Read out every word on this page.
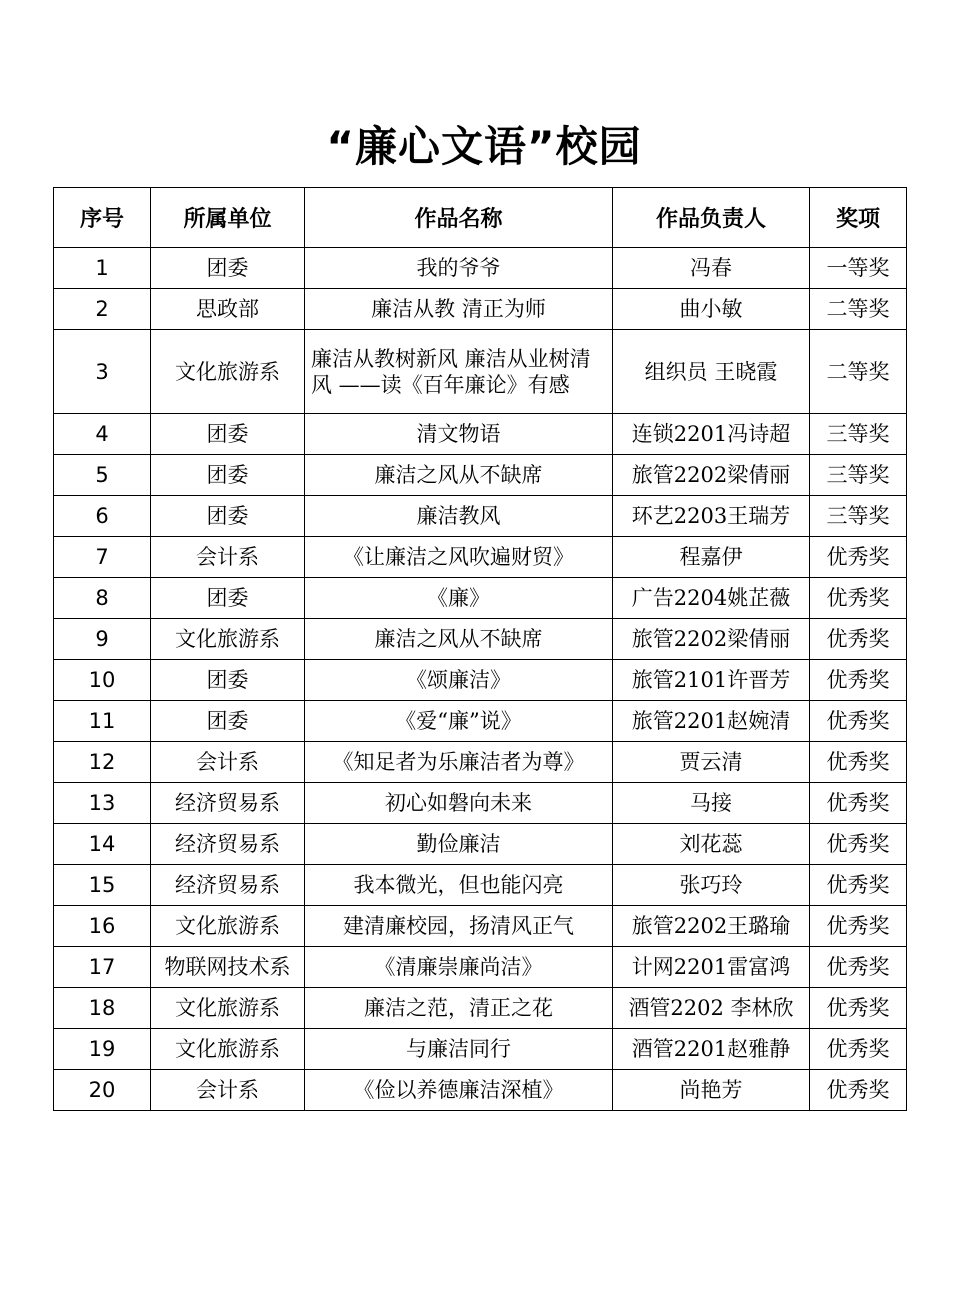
“廉心文语”校园
序号	所属单位	作品名称	作品负责人	奖项
1	团委	我的爷爷	冯春	一等奖
2	思政部	廉洁从教 清正为师	曲小敏	二等奖
3	文化旅游系	廉洁从教树新风 廉洁从业树清风 ——读《百年廉论》有感	组织员 王晓霞	二等奖
4	团委	清文物语	连锁2201冯诗超	三等奖
5	团委	廉洁之风从不缺席	旅管2202梁倩丽	三等奖
6	团委	廉洁教风	环艺2203王瑞芳	三等奖
7	会计系	《让廉洁之风吹遍财贸》	程嘉伊	优秀奖
8	团委	《廉》	广告2204姚芷薇	优秀奖
9	文化旅游系	廉洁之风从不缺席	旅管2202梁倩丽	优秀奖
10	团委	《颂廉洁》	旅管2101许晋芳	优秀奖
11	团委	《爱“廉”说》	旅管2201赵婉清	优秀奖
12	会计系	《知足者为乐廉洁者为尊》	贾云清	优秀奖
13	经济贸易系	初心如磐向未来	马接	优秀奖
14	经济贸易系	勤俭廉洁	刘花蕊	优秀奖
15	经济贸易系	我本微光，但也能闪亮	张巧玲	优秀奖
16	文化旅游系	建清廉校园，扬清风正气	旅管2202王璐瑜	优秀奖
17	物联网技术系	《清廉崇廉尚洁》	计网2201雷富鸿	优秀奖
18	文化旅游系	廉洁之范，清正之花	酒管2202 李林欣	优秀奖
19	文化旅游系	与廉洁同行	酒管2201赵雅静	优秀奖
20	会计系	《俭以养德廉洁深植》	尚艳芳	优秀奖
